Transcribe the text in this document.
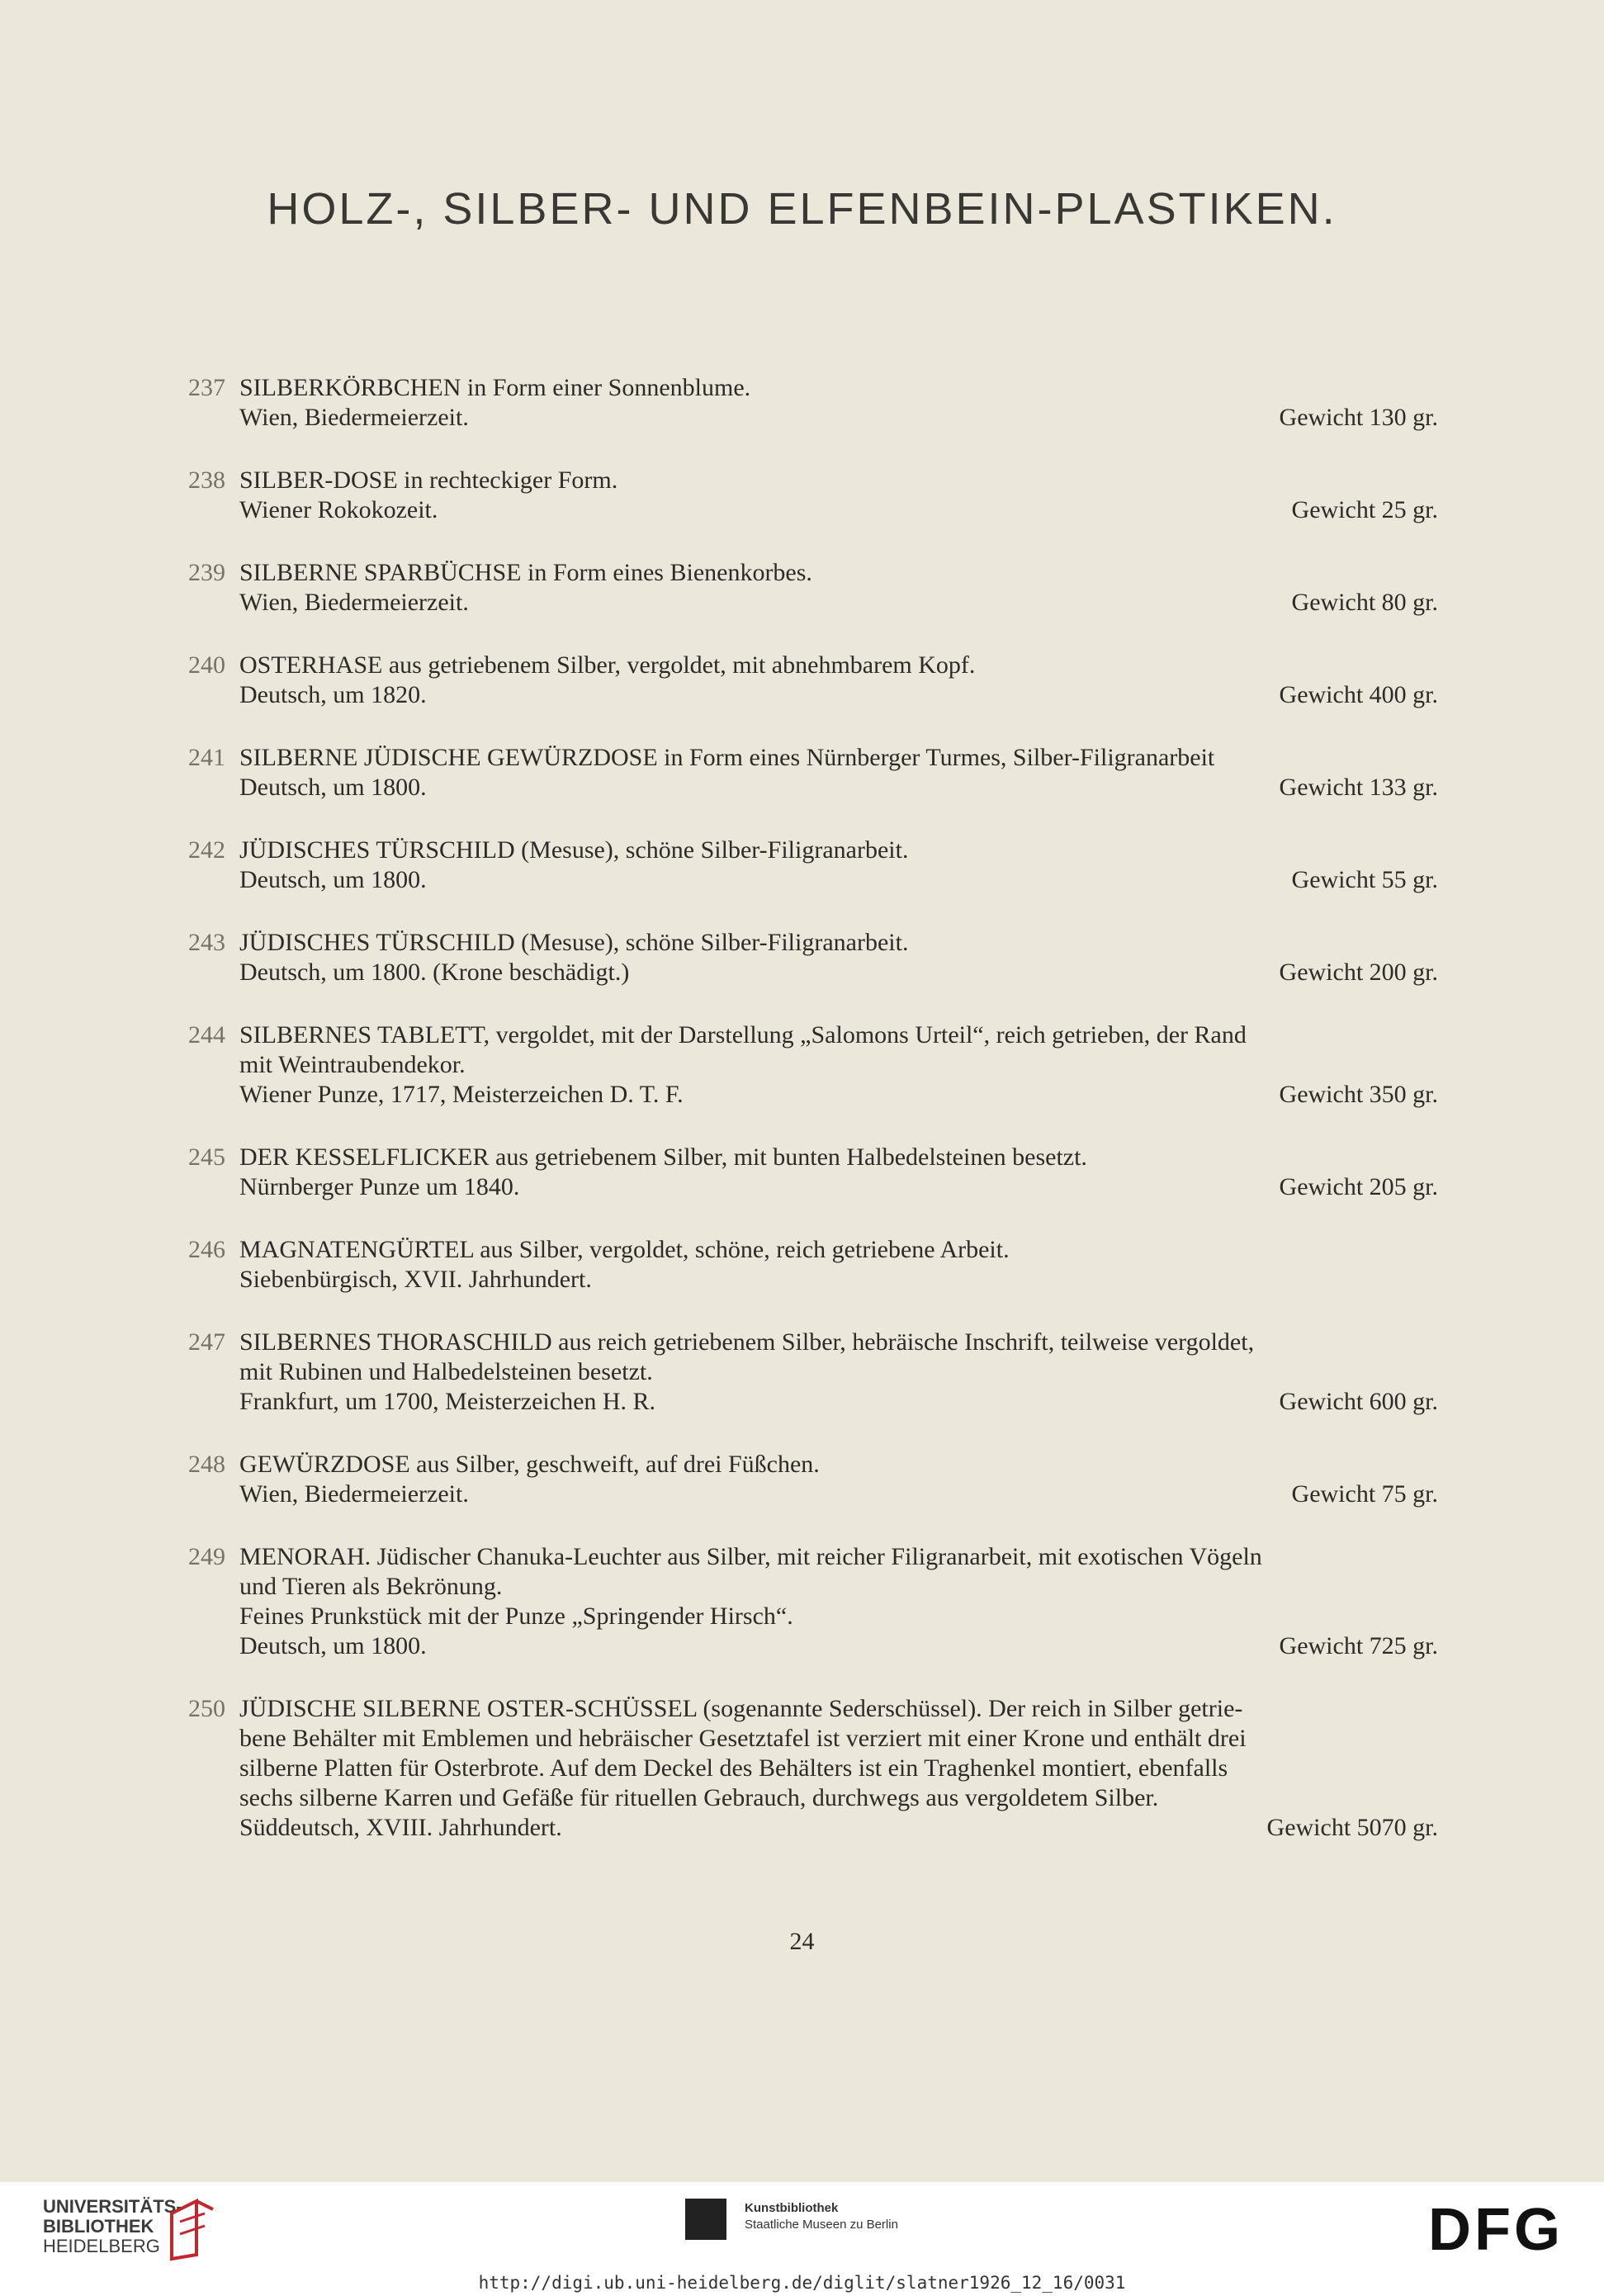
HOLZ-, SILBER- UND ELFENBEIN-PLASTIKEN.
237 SILBERKÖRBCHEN in Form einer Sonnenblume.
Wien, Biedermeierzeit.	Gewicht 130 gr.
238 SILBER-DOSE in rechteckiger Form.
Wiener Rokokozeit.	Gewicht 25 gr.
239 SILBERNE SPARBÜCHSE in Form eines Bienenkorbes.
Wien, Biedermeierzeit.	Gewicht 80 gr.
240 OSTERHASE aus getriebenem Silber, vergoldet, mit abnehmbarem Kopf.
Deutsch, um 1820.	Gewicht 400 gr.
241 SILBERNE JÜDISCHE GEWÜRZDOSE in Form eines Nürnberger Turmes, Silber-Filigranarbeit
Deutsch, um 1800.	Gewicht 133 gr.
242 JÜDISCHES TÜRSCHILD (Mesuse), schöne Silber-Filigranarbeit.
Deutsch, um 1800.	Gewicht 55 gr.
243 JÜDISCHES TÜRSCHILD (Mesuse), schöne Silber-Filigranarbeit.
Deutsch, um 1800. (Krone beschädigt.)	Gewicht 200 gr.
244 SILBERNES TABLETT, vergoldet, mit der Darstellung „Salomons Urteil“, reich getrieben, der Rand
mit Weintraubendekor.
Wiener Punze, 1717, Meisterzeichen D. T. F.	Gewicht 350 gr.
245 DER KESSELFLICKER aus getriebenem Silber, mit bunten Halbedelsteinen besetzt.
Nürnberger Punze um 1840.	Gewicht 205 gr.
246 MAGNATENGÜRTEL aus Silber, vergoldet, schöne, reich getriebene Arbeit.
Siebenbürgisch, XVII. Jahrhundert.
247 SILBERNES THORASCHILD aus reich getriebenem Silber, hebräische Inschrift, teilweise vergoldet,
mit Rubinen und Halbedelsteinen besetzt.
Frankfurt, um 1700, Meisterzeichen H. R.	Gewicht 600 gr.
248 GEWÜRZDOSE aus Silber, geschweift, auf drei Füßchen.
Wien, Biedermeierzeit.	Gewicht 75 gr.
249 MENORAH. Jüdischer Chanuka-Leuchter aus Silber, mit reicher Filigranarbeit, mit exotischen Vögeln
und Tieren als Bekrönung.
Feines Prunkstück mit der Punze „Springender Hirsch“.
Deutsch, um 1800.	Gewicht 725 gr.
250 JÜDISCHE SILBERNE OSTER-SCHÜSSEL (sogenannte Sederschüssel). Der reich in Silber getrie-
bene Behälter mit Emblemen und hebräischer Gesetztafel ist verziert mit einer Krone und enthält drei
silberne Platten für Osterbrote. Auf dem Deckel des Behälters ist ein Traghenkel montiert, ebenfalls
sechs silberne Karren und Gefäße für rituellen Gebrauch, durchwegs aus vergoldetem Silber.
Süddeutsch, XVIII. Jahrhundert.	Gewicht 5070 gr.
24
UNIVERSITÄTS-
BIBLIOTHEK
HEIDELBERG
Kunstbibliothek
Staatliche Museen zu Berlin	DFG
http://digi.ub.uni-heidelberg.de/diglit/slatner1926_12_16/0031
